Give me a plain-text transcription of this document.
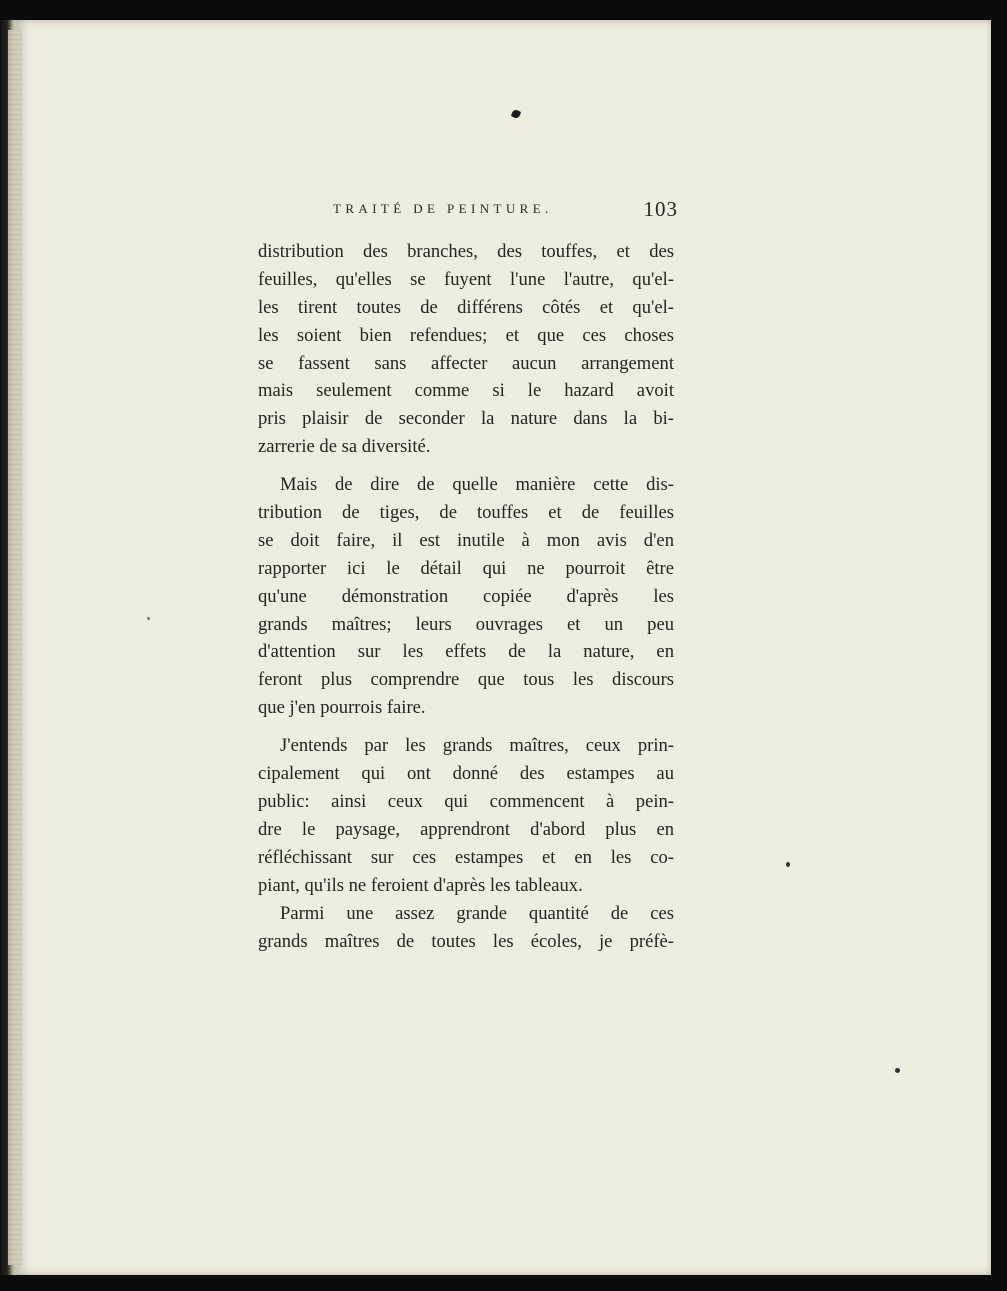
TRAITÉ DE PEINTURE.	103
distribution des branches, des touffes, et des
feuilles, qu'elles se fuyent l'une l'autre, qu'el-
les tirent toutes de différens côtés et qu'el-
les soient bien refendues; et que ces choses
se fassent sans affecter aucun arrangement
mais seulement comme si le hazard avoit
pris plaisir de seconder la nature dans la bi-
zarrerie de sa diversité.
Mais de dire de quelle manière cette dis-
tribution de tiges, de touffes et de feuilles
se doit faire, il est inutile à mon avis d'en
rapporter ici le détail qui ne pourroit être
qu'une démonstration copiée d'après les
grands maîtres; leurs ouvrages et un peu
d'attention sur les effets de la nature, en
feront plus comprendre que tous les discours
que j'en pourrois faire.
J'entends par les grands maîtres, ceux prin-
cipalement qui ont donné des estampes au
public: ainsi ceux qui commencent à pein-
dre le paysage, apprendront d'abord plus en
réfléchissant sur ces estampes et en les co-
piant, qu'ils ne feroient d'après les tableaux.
Parmi une assez grande quantité de ces
grands maîtres de toutes les écoles, je préfè-
